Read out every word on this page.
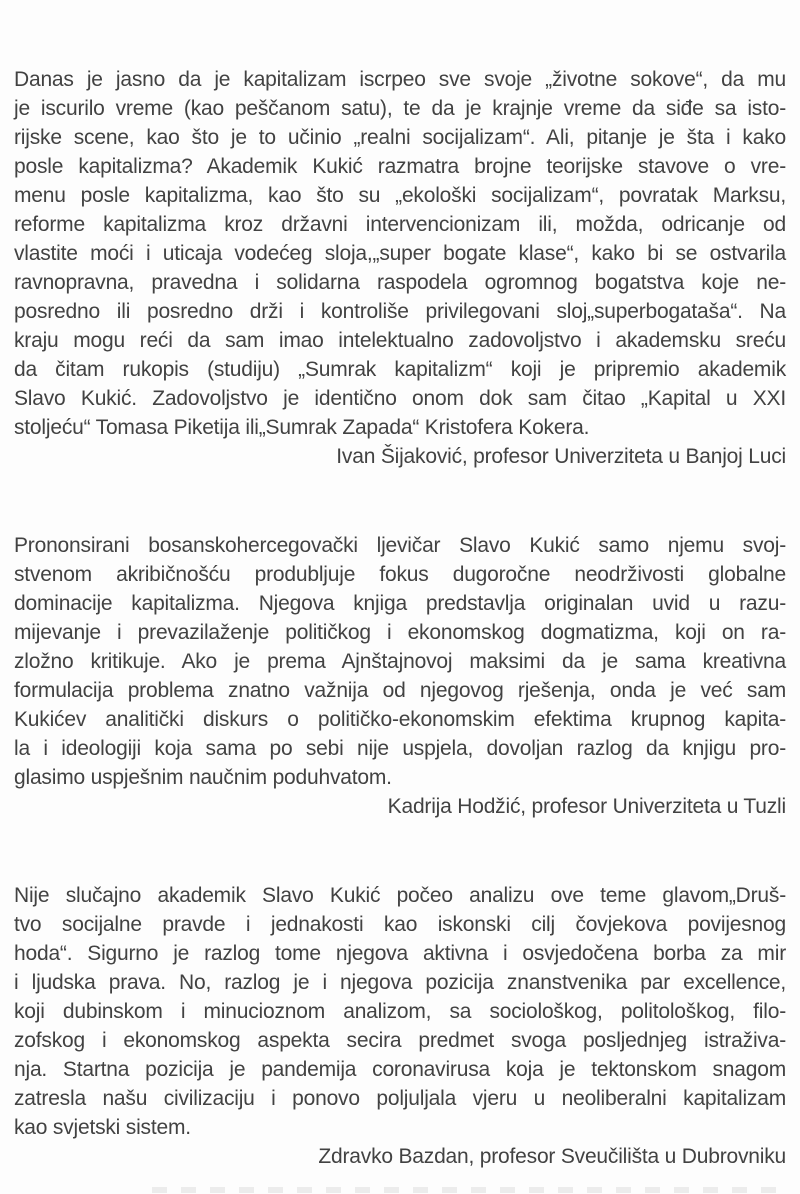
Danas je jasno da je kapitalizam iscrpeo sve svoje „životne sokove“, da mu

je iscurilo vreme (kao peščanom satu), te da je krajnje vreme da siđe sa isto-

rijske scene, kao što je to učinio „realni socijalizam“. Ali, pitanje je šta i kako

posle kapitalizma? Akademik Kukić razmatra brojne teorijske stavove o vre-

menu posle kapitalizma, kao što su „ekološki socijalizam“, povratak Marksu,

reforme kapitalizma kroz državni intervencionizam ili, možda, odricanje od

vlastite moći i uticaja vodećeg sloja,„super bogate klase“, kako bi se ostvarila

ravnopravna, pravedna i solidarna raspodela ogromnog bogatstva koje ne-

posredno ili posredno drži i kontroliše privilegovani sloj„superbogataša“. Na

kraju mogu reći da sam imao intelektualno zadovoljstvo i akademsku sreću

da čitam rukopis (studiju) „Sumrak kapitalizm“ koji je pripremio akademik

Slavo Kukić. Zadovoljstvo je identično onom dok sam čitao „Kapital u XXI

stoljeću“ Tomasa Piketija ili„Sumrak Zapada“ Kristofera Kokera.

Ivan Šijaković, profesor Univerziteta u Banjoj Luci

Prononsirani bosanskohercegovački ljevičar Slavo Kukić samo njemu svoj-

stvenom akribičnošću produbljuje fokus dugoročne neodrživosti globalne

dominacije kapitalizma. Njegova knjiga predstavlja originalan uvid u razu-

mijevanje i prevazilaženje političkog i ekonomskog dogmatizma, koji on ra-

zložno kritikuje. Ako je prema Ajnštajnovoj maksimi da je sama kreativna

formulacija problema znatno važnija od njegovog rješenja, onda je već sam

Kukićev analitički diskurs o političko-ekonomskim efektima krupnog kapita-

la i ideologiji koja sama po sebi nije uspjela, dovoljan razlog da knjigu pro-

glasimo uspješnim naučnim poduhvatom.

Kadrija Hodžić, profesor Univerziteta u Tuzli

Nije slučajno akademik Slavo Kukić počeo analizu ove teme glavom„Druš-

tvo socijalne pravde i jednakosti kao iskonski cilj čovjekova povijesnog

hoda“. Sigurno je razlog tome njegova aktivna i osvjedočena borba za mir

i ljudska prava. No, razlog je i njegova pozicija znanstvenika par excellence,

koji dubinskom i minucioznom analizom, sa sociološkog, politološkog, filo-

zofskog i ekonomskog aspekta secira predmet svoga posljednjeg istraživa-

nja. Startna pozicija je pandemija coronavirusa koja je tektonskom snagom

zatresla našu civilizaciju i ponovo poljuljala vjeru u neoliberalni kapitalizam

kao svjetski sistem.

Zdravko Bazdan, profesor Sveučilišta u Dubrovniku
